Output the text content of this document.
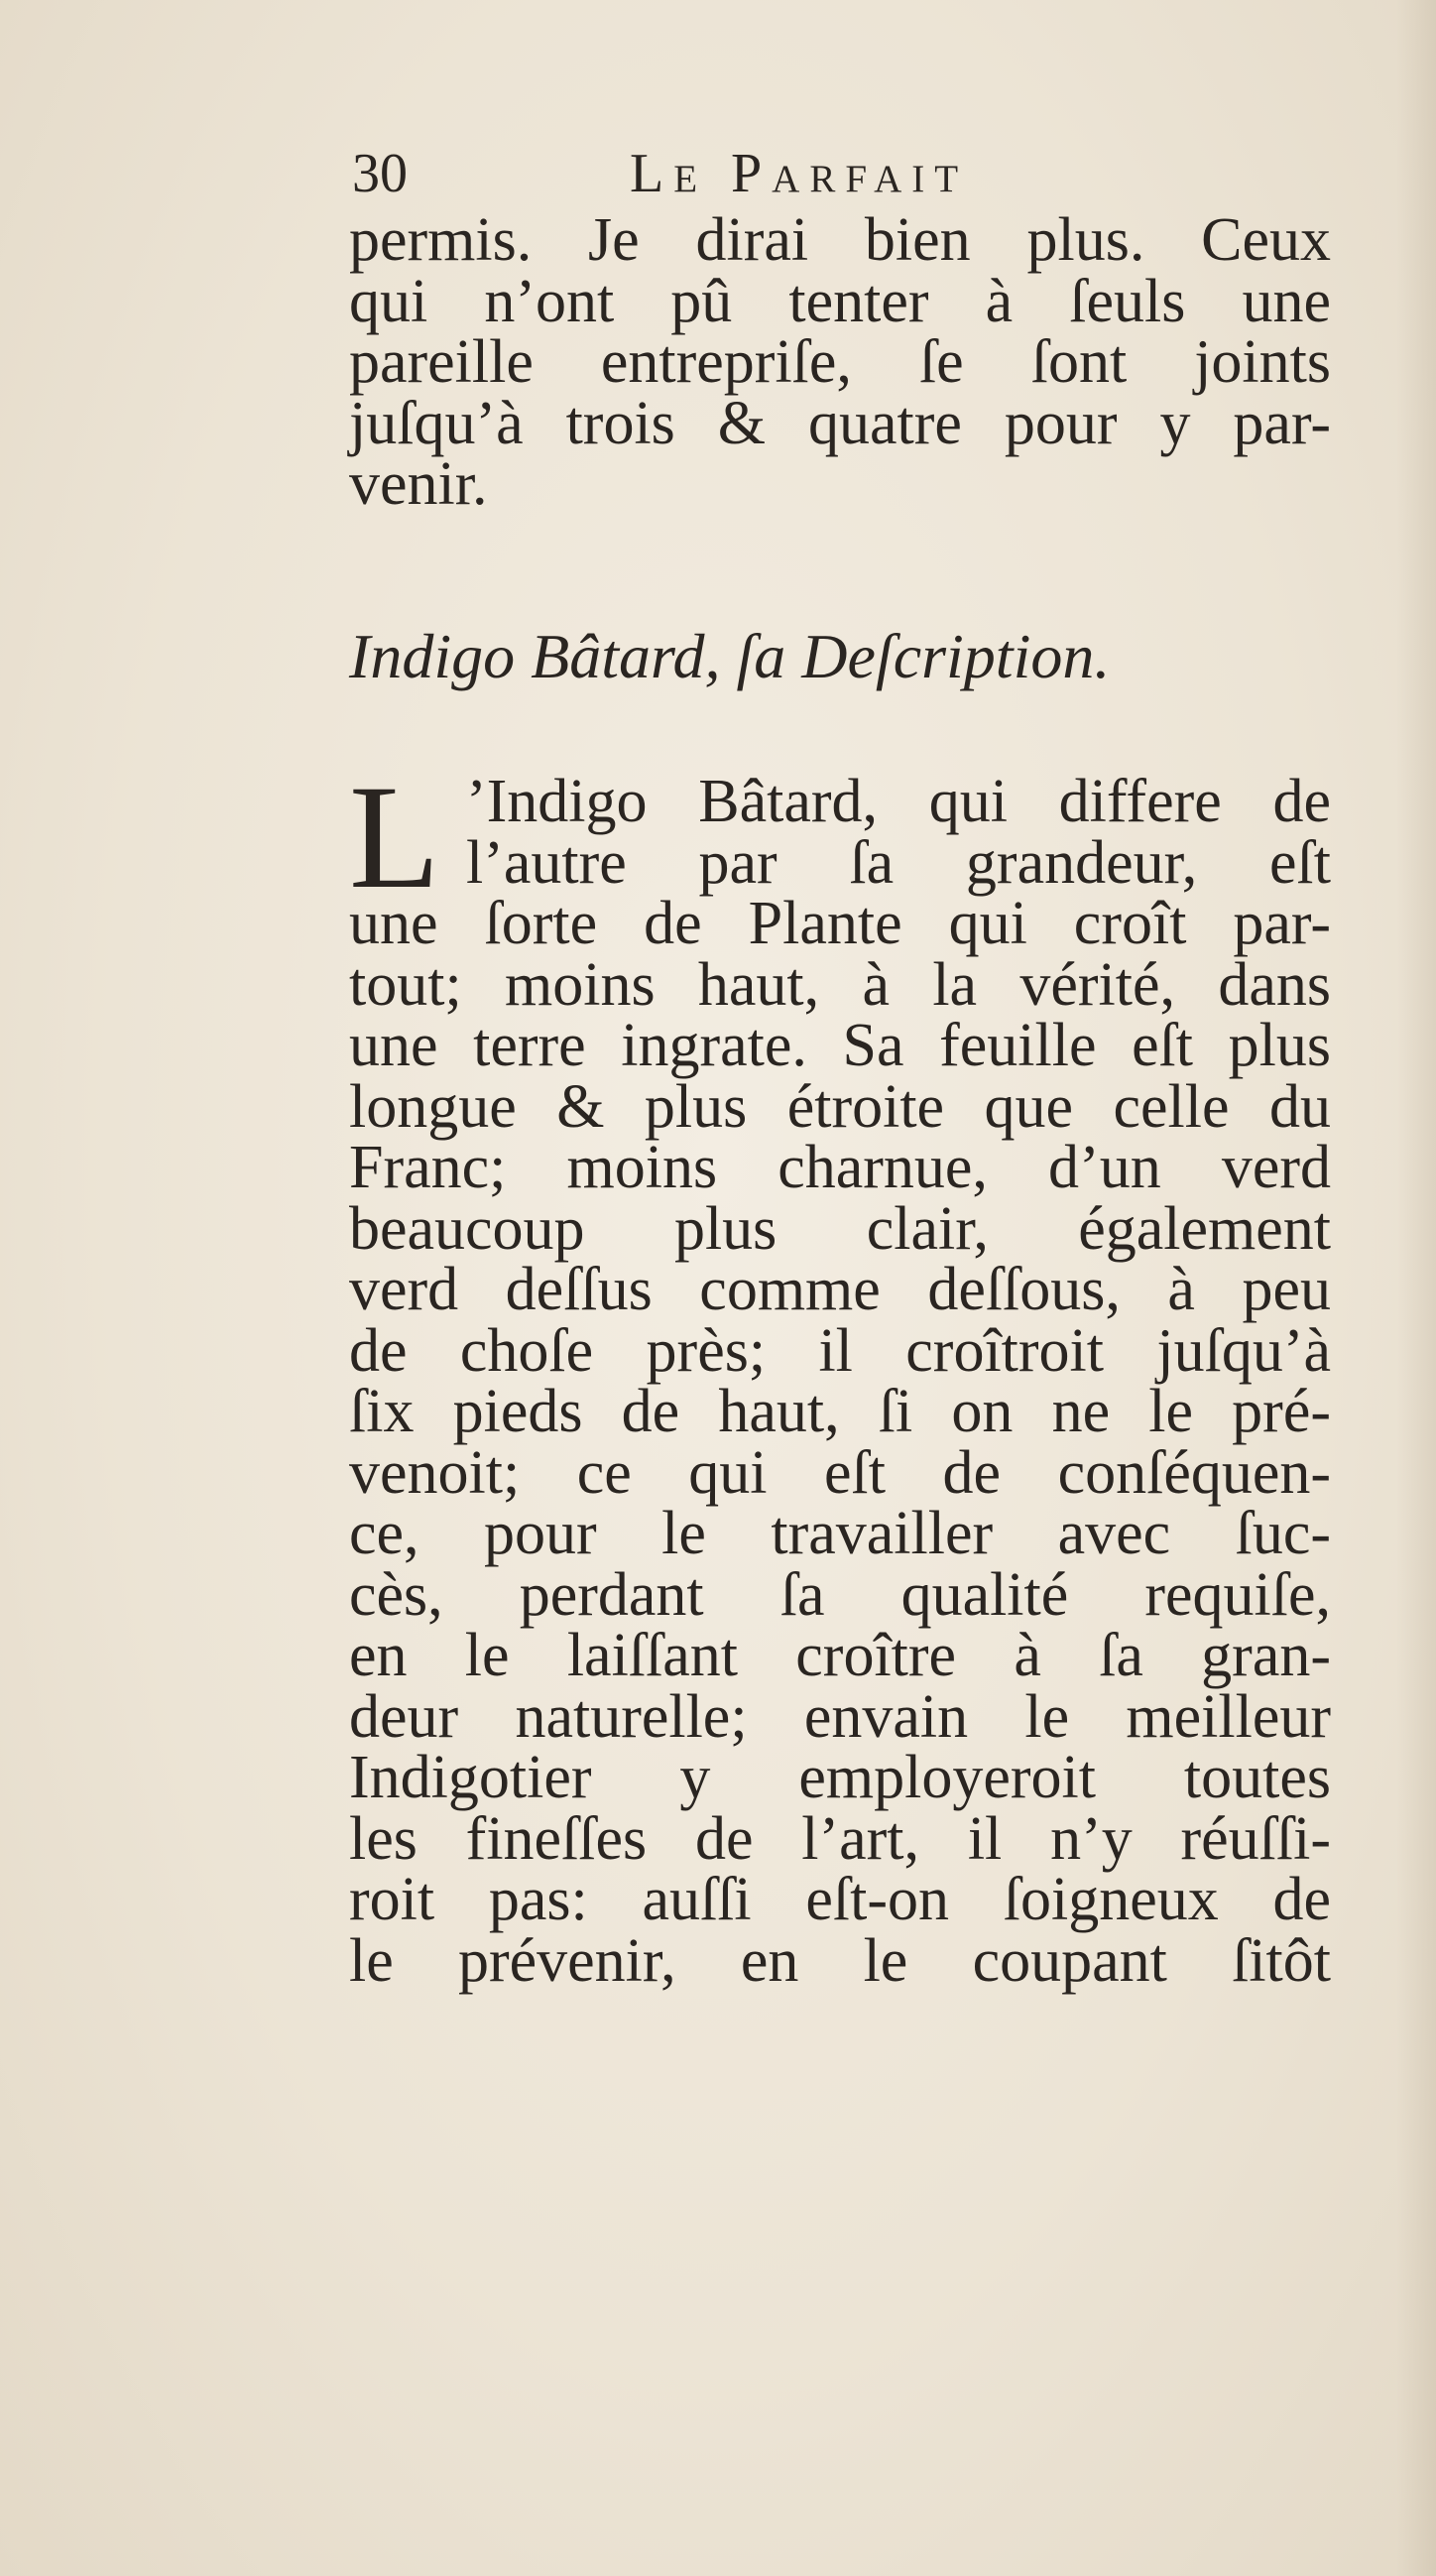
30	Le Parfait
permis. Je dirai bien plus. Ceux
qui n’ont pû tenter à ſeuls une
pareille entrepriſe, ſe ſont joints
juſqu’à trois & quatre pour y par-
venir.
Indigo Bâtard, ſa Deſcription.
L ’Indigo Bâtard, qui differe de
l’autre par ſa grandeur, eſt
une ſorte de Plante qui croît par-
tout; moins haut, à la vérité, dans
une terre ingrate. Sa feuille eſt plus
longue & plus étroite que celle du
Franc; moins charnue, d’un verd
beaucoup plus clair, également
verd deſſus comme deſſous, à peu
de choſe près; il croîtroit juſqu’à
ſix pieds de haut, ſi on ne le pré-
venoit; ce qui eſt de conſéquen-
ce, pour le travailler avec ſuc-
cès, perdant ſa qualité requiſe,
en le laiſſant croître à ſa gran-
deur naturelle; envain le meilleur
Indigotier y employeroit toutes
les fineſſes de l’art, il n’y réuſſi-
roit pas: auſſi eſt-on ſoigneux de
le prévenir, en le coupant ſitôt
